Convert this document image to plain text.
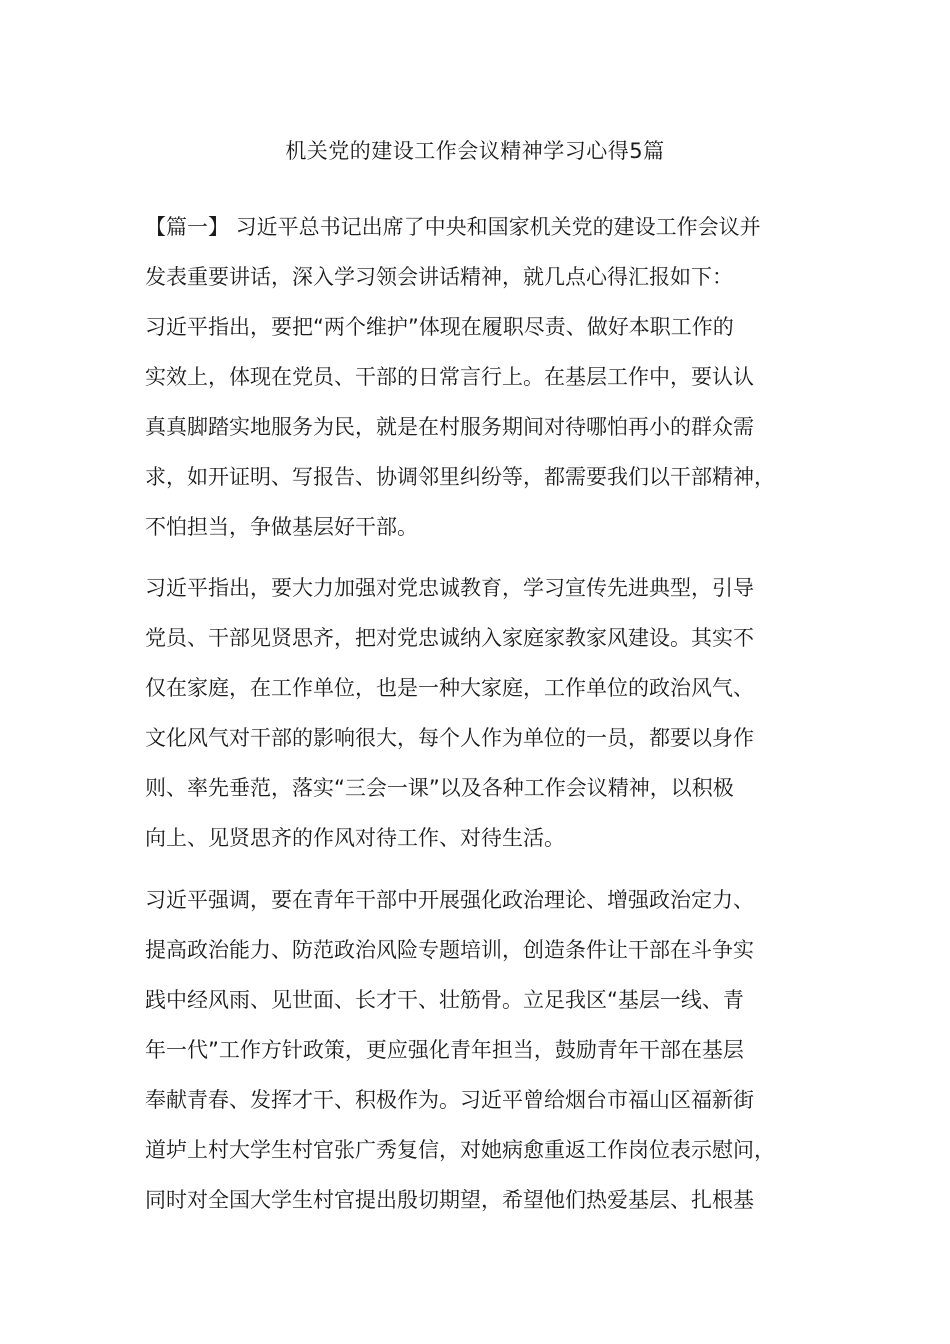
机关党的建设工作会议精神学习心得5篇
【篇一】 习近平总书记出席了中央和国家机关党的建设工作会议并
发表重要讲话，深入学习领会讲话精神，就几点心得汇报如下：
习近平指出，要把“两个维护”体现在履职尽责、做好本职工作的
实效上，体现在党员、干部的日常言行上。在基层工作中，要认认
真真脚踏实地服务为民，就是在村服务期间对待哪怕再小的群众需
求，如开证明、写报告、协调邻里纠纷等，都需要我们以干部精神，
不怕担当，争做基层好干部。
习近平指出，要大力加强对党忠诚教育，学习宣传先进典型，引导
党员、干部见贤思齐，把对党忠诚纳入家庭家教家风建设。其实不
仅在家庭，在工作单位，也是一种大家庭，工作单位的政治风气、
文化风气对干部的影响很大，每个人作为单位的一员，都要以身作
则、率先垂范，落实“三会一课”以及各种工作会议精神，以积极
向上、见贤思齐的作风对待工作、对待生活。
习近平强调，要在青年干部中开展强化政治理论、增强政治定力、
提高政治能力、防范政治风险专题培训，创造条件让干部在斗争实
践中经风雨、见世面、长才干、壮筋骨。立足我区“基层一线、青
年一代”工作方针政策，更应强化青年担当，鼓励青年干部在基层
奉献青春、发挥才干、积极作为。习近平曾给烟台市福山区福新街
道垆上村大学生村官张广秀复信，对她病愈重返工作岗位表示慰问，
同时对全国大学生村官提出殷切期望，希望他们热爱基层、扎根基
